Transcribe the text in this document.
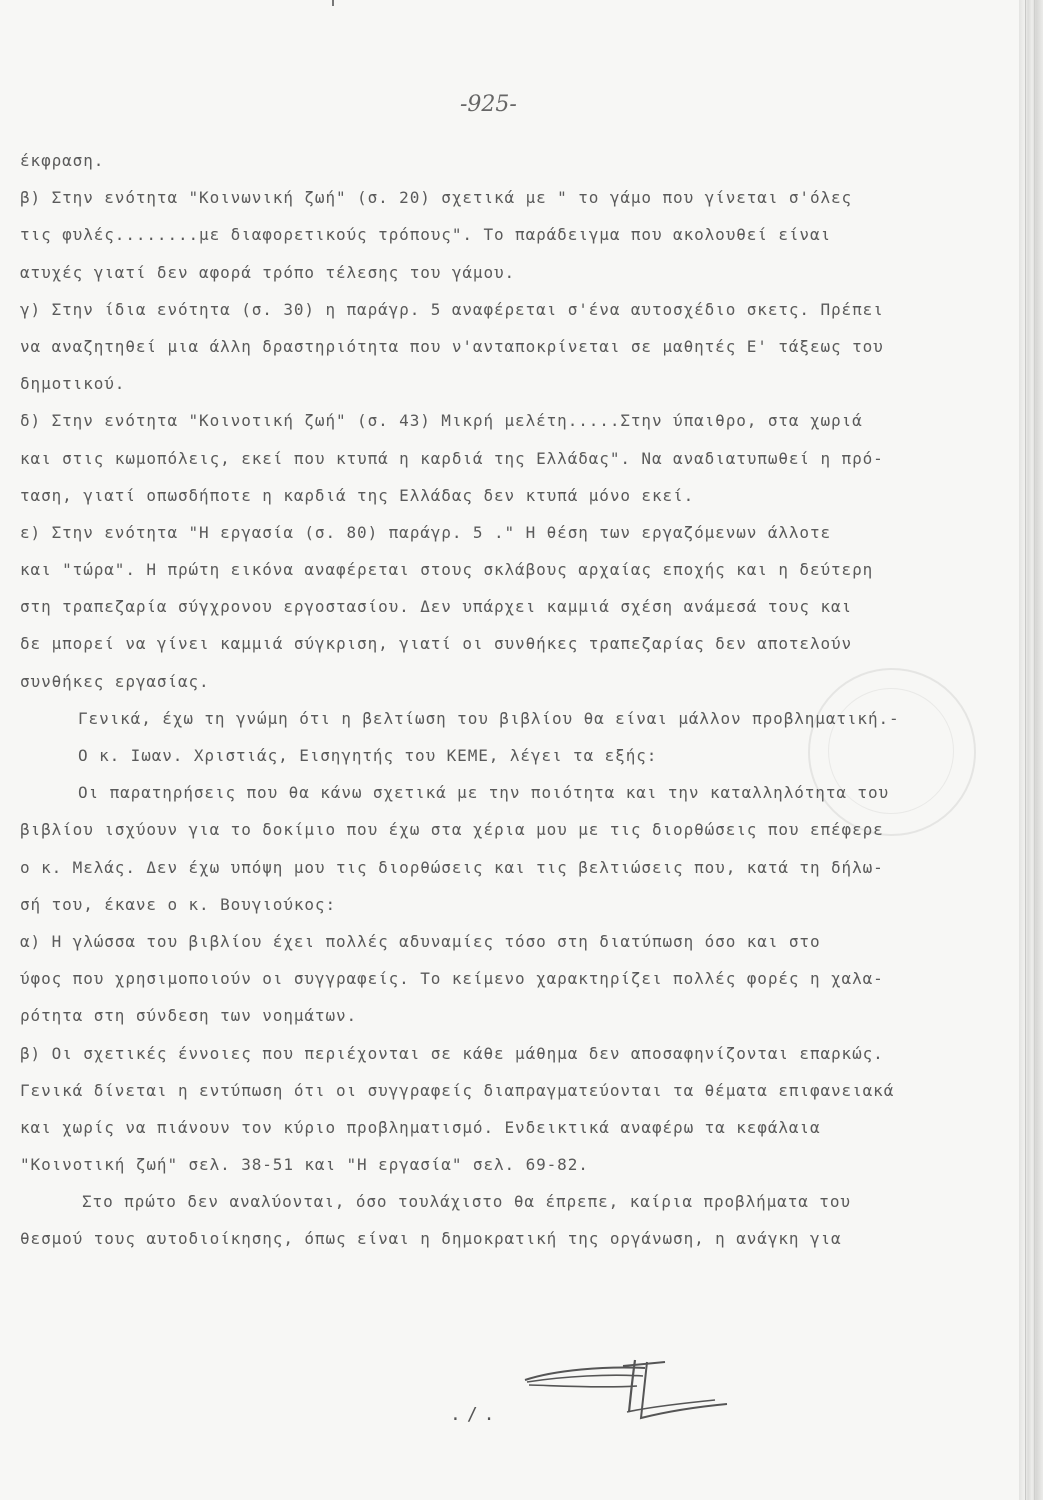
-925-
έκφραση.
β) Στην ενότητα "Κοινωνική ζωή" (σ. 20) σχετικά με " το γάμο που γίνεται σ'όλες
τις φυλές........με διαφορετικούς τρόπους". Το παράδειγμα που ακολουθεί είναι
ατυχές γιατί δεν αφορά τρόπο τέλεσης του γάμου.
γ) Στην ίδια ενότητα (σ. 30) η παράγρ. 5 αναφέρεται σ'ένα αυτοσχέδιο σκετς. Πρέπει
να αναζητηθεί μια άλλη δραστηριότητα που ν'ανταποκρίνεται σε μαθητές Ε' τάξεως του
δημοτικού.
δ) Στην ενότητα "Κοινοτική ζωή" (σ. 43) Μικρή μελέτη.....Στην ύπαιθρο, στα χωριά
και στις κωμοπόλεις, εκεί που κτυπά η καρδιά της Ελλάδας". Να αναδιατυπωθεί η πρό-
ταση, γιατί οπωσδήποτε η καρδιά της Ελλάδας δεν κτυπά μόνο εκεί.
ε) Στην ενότητα "Η εργασία (σ. 80) παράγρ. 5 ." Η θέση των εργαζόμενων άλλοτε
και "τώρα". Η πρώτη εικόνα αναφέρεται στους σκλάβους αρχαίας εποχής και η δεύτερη
στη τραπεζαρία σύγχρονου εργοστασίου. Δεν υπάρχει καμμιά σχέση ανάμεσά τους και
δε μπορεί να γίνει καμμιά σύγκριση, γιατί οι συνθήκες τραπεζαρίας δεν αποτελούν
συνθήκες εργασίας.
Γενικά, έχω τη γνώμη ότι η βελτίωση του βιβλίου θα είναι μάλλον προβληματική.-
Ο κ. Ιωαν. Χριστιάς, Εισηγητής του ΚΕΜΕ, λέγει τα εξής:
Οι παρατηρήσεις που θα κάνω σχετικά με την ποιότητα και την καταλληλότητα του
βιβλίου ισχύουν για το δοκίμιο που έχω στα χέρια μου με τις διορθώσεις που επέφερε
ο κ. Μελάς. Δεν έχω υπόψη μου τις διορθώσεις και τις βελτιώσεις που, κατά τη δήλω-
σή του, έκανε ο κ. Βουγιούκος:
α) Η γλώσσα του βιβλίου έχει πολλές αδυναμίες τόσο στη διατύπωση όσο και στο
ύφος που χρησιμοποιούν οι συγγραφείς. Το κείμενο χαρακτηρίζει πολλές φορές η χαλα-
ρότητα στη σύνδεση των νοημάτων.
β) Οι σχετικές έννοιες που περιέχονται σε κάθε μάθημα δεν αποσαφηνίζονται επαρκώς.
Γενικά δίνεται η εντύπωση ότι οι συγγραφείς διαπραγματεύονται τα θέματα επιφανειακά
και χωρίς να πιάνουν τον κύριο προβληματισμό. Ενδεικτικά αναφέρω τα κεφάλαια
"Κοινοτική ζωή" σελ. 38-51 και "Η εργασία" σελ. 69-82.
Στο πρώτο δεν αναλύονται, όσο τουλάχιστο θα έπρεπε, καίρια προβλήματα του
θεσμού τους αυτοδιοίκησης, όπως είναι η δημοκρατική της οργάνωση, η ανάγκη για
./.
